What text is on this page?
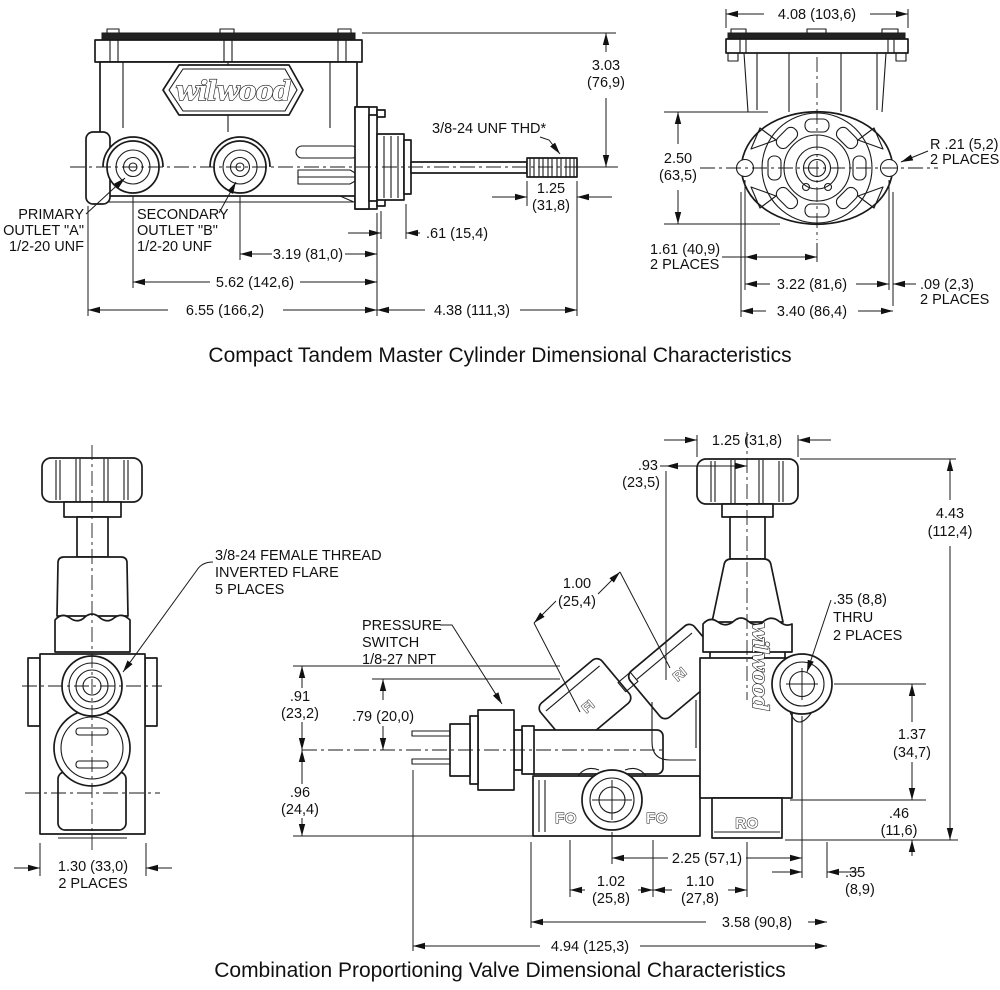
wilwood
3.03
(76,9)
3/8-24 UNF THD*
1.25
(31,8)
.61 (15,4)
3.19 (81,0)
5.62 (142,6)
6.55 (166,2)	4.38 (111,3)
PRIMARY
OUTLET "A"
1/2-20 UNF
SECONDARY
OUTLET "B"
1/2-20 UNF
4.08 (103,6)
2.50
(63,5)
R .21 (5,2)
2 PLACES
1.61 (40,9)
2 PLACES
3.22 (81,6)	.09 (2,3)
2 PLACES
3.40 (86,4)
Compact Tandem Master Cylinder Dimensional Characteristics
1.30 (33,0)
2 PLACES
3/8-24 FEMALE THREAD
INVERTED FLARE
5 PLACES
FI
RI	wilwood
FO	FO	RO
1.25 (31,8)
.93
(23,5)
4.43
(112,4)
.35 (8,8)
THRU
2 PLACES
1.00
(25,4)
PRESSURE
SWITCH
1/8-27 NPT
.91
(23,2) .79 (20,0)
.96
(24,4)
1.37
(34,7)
.46
(11,6)
2.25 (57,1)
1.02
(25,8)
1.10
(27,8)
.35
(8,9)
3.58 (90,8)
4.94 (125,3)
Combination Proportioning Valve Dimensional Characteristics
